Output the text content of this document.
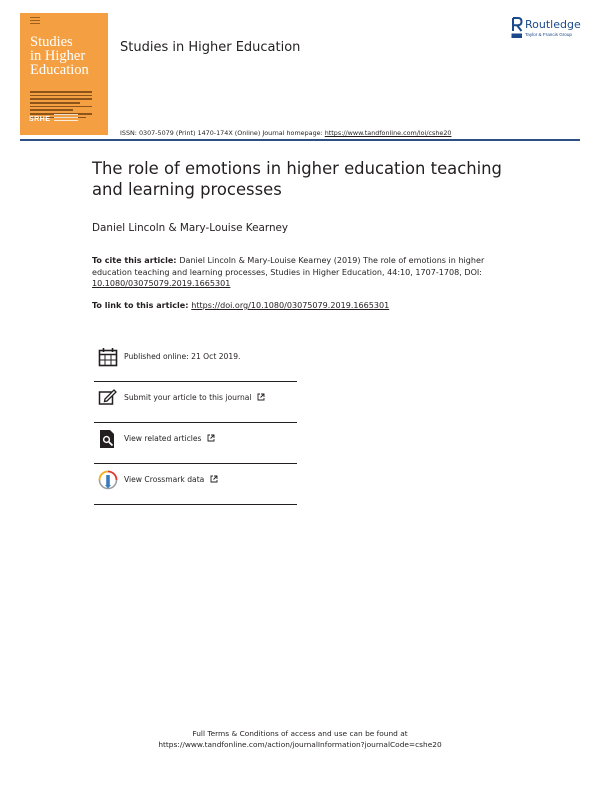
Studies
in Higher
Education
SRHE
Studies in Higher Education
Routledge
Taylor & Francis Group
ISSN: 0307-5079 (Print) 1470-174X (Online) Journal homepage: https://www.tandfonline.com/loi/cshe20
The role of emotions in higher education teaching and learning processes
Daniel Lincoln & Mary-Louise Kearney
To cite this article: Daniel Lincoln & Mary-Louise Kearney (2019) The role of emotions in higher education teaching and learning processes, Studies in Higher Education, 44:10, 1707-1708, DOI: 10.1080/03075079.2019.1665301
To link to this article: https://doi.org/10.1080/03075079.2019.1665301
Published online: 21 Oct 2019.
Submit your article to this journal
View related articles
View Crossmark data
Full Terms & Conditions of access and use can be found at
https://www.tandfonline.com/action/journalInformation?journalCode=cshe20
